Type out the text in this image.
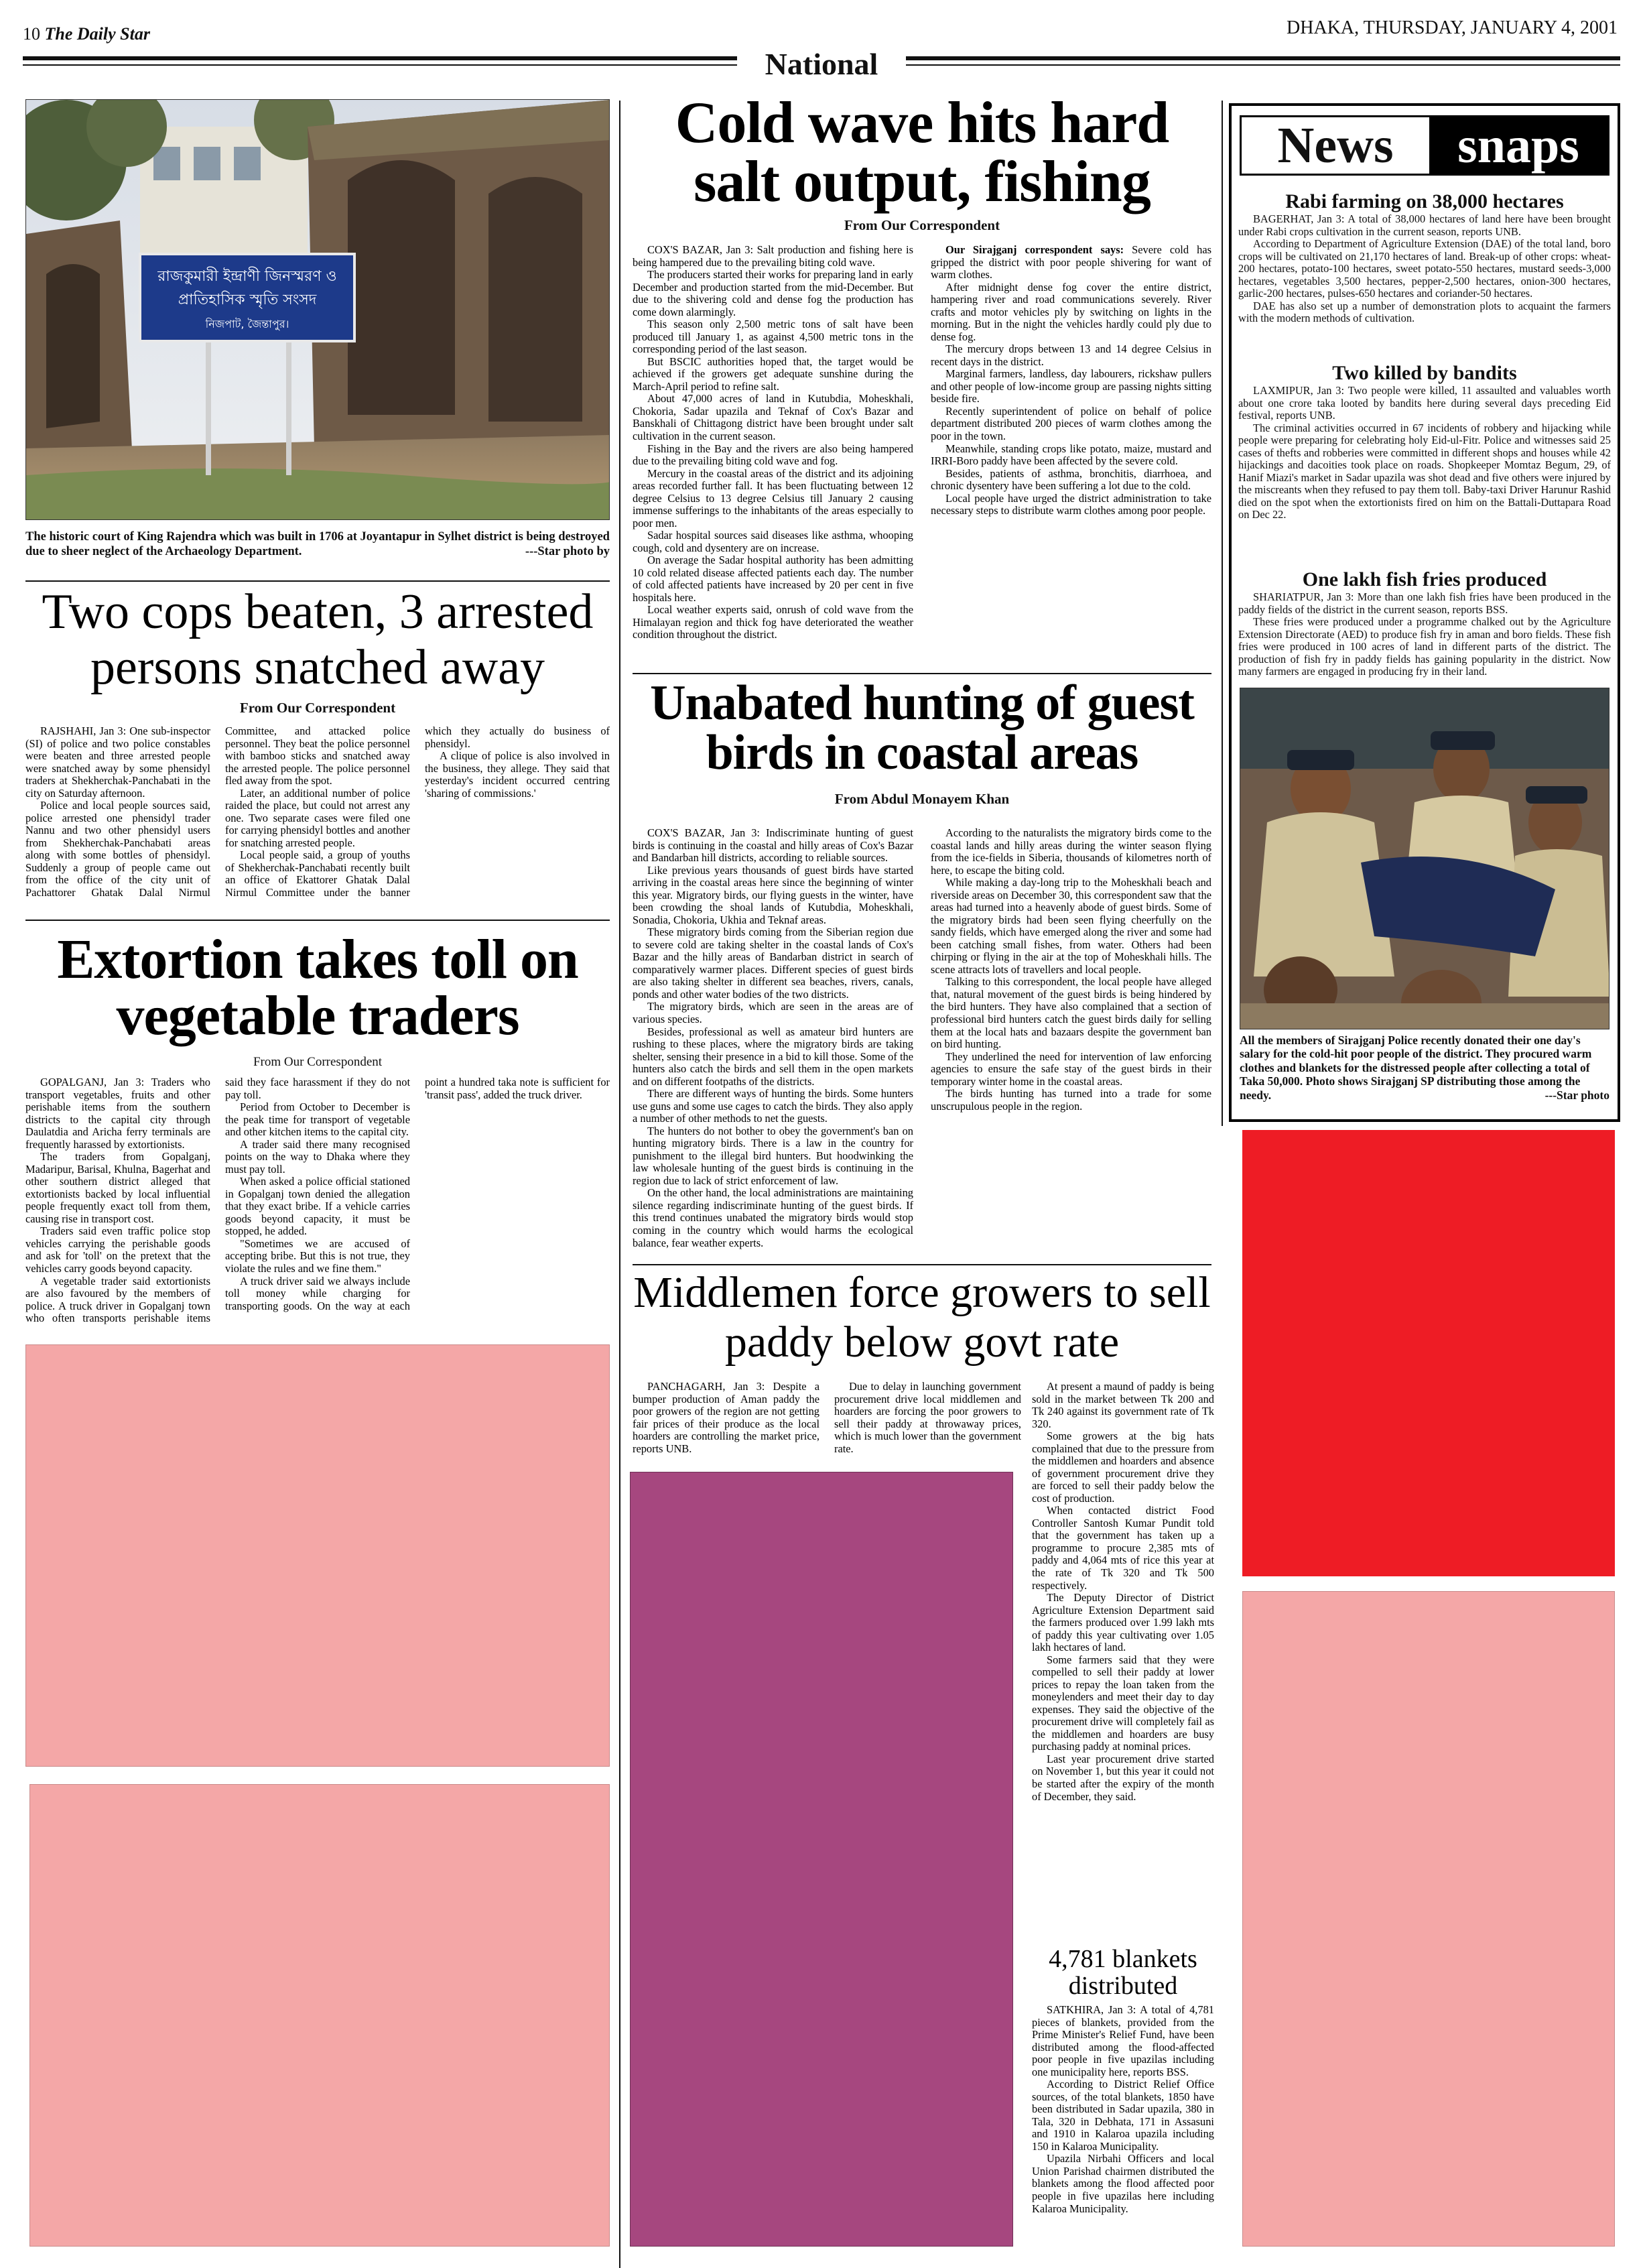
10 The Daily Star	DHAKA, THURSDAY, JANUARY 4, 2001
National
রাজকুমারী ইন্দ্রাণী জিনস্মরণ ও
প্রাতিহাসিক স্মৃতি সংসদ
নিজপাট, জৈন্তাপুর।
The historic court of King Rajendra which was built in 1706 at Joyantapur in Sylhet district is being destroyed due to sheer neglect of the Archaeology Department.	---Star photo by
Two cops beaten, 3 arrested persons snatched away
From Our Correspondent

RAJSHAHI, Jan 3: One sub-inspector (SI) of police and two police constables were beaten and three arrested people were snatched away by some phensidyl traders at Shekherchak-Panchabati in the city on Saturday afternoon.

Police and local people sources said, police arrested one phensidyl trader Nannu and two other phensidyl users from Shekherchak-Panchabati areas along with some bottles of phensidyl. Suddenly a group of people came out from the office of the city unit of Pachattorer Ghatak Dalal Nirmul Committee, and attacked police personnel. They beat the police personnel with bamboo sticks and snatched away the arrested people. The police personnel fled away from the spot.

Later, an additional number of police raided the place, but could not arrest any one. Two separate cases were filed one for carrying phensidyl bottles and another for snatching arrested people.

Local people said, a group of youths of Shekherchak-Panchabati recently built an office of Ekattorer Ghatak Dalal Nirmul Committee under the banner which they actually do business of phensidyl.

A clique of police is also involved in the business, they allege. They said that yesterday's incident occurred centring 'sharing of commissions.'

Extortion takes toll on vegetable traders
From Our Correspondent

GOPALGANJ, Jan 3: Traders who transport vegetables, fruits and other perishable items from the southern districts to the capital city through Daulatdia and Aricha ferry terminals are frequently harassed by extortionists.

The traders from Gopalganj, Madaripur, Barisal, Khulna, Bagerhat and other southern district alleged that extortionists backed by local influential people frequently exact toll from them, causing rise in transport cost.

Traders said even traffic police stop vehicles carrying the perishable goods and ask for 'toll' on the pretext that the vehicles carry goods beyond capacity.

A vegetable trader said extortionists are also favoured by the members of police. A truck driver in Gopalganj town who often transports perishable items said they face harassment if they do not pay toll.

Period from October to December is the peak time for transport of vegetable and other kitchen items to the capital city.

A trader said there many recognised points on the way to Dhaka where they must pay toll.

When asked a police official stationed in Gopalganj town denied the allegation that they exact bribe. If a vehicle carries goods beyond capacity, it must be stopped, he added.

"Sometimes we are accused of accepting bribe. But this is not true, they violate the rules and we fine them."

A truck driver said we always include toll money while charging for transporting goods. On the way at each point a hundred taka note is sufficient for 'transit pass', added the truck driver.

Cold wave hits hard salt output, fishing
From Our Correspondent

COX'S BAZAR, Jan 3: Salt production and fishing here is being hampered due to the prevailing biting cold wave.

The producers started their works for preparing land in early December and production started from the mid-December. But due to the shivering cold and dense fog the production has come down alarmingly.

This season only 2,500 metric tons of salt have been produced till January 1, as against 4,500 metric tons in the corresponding period of the last season.

But BSCIC authorities hoped that, the target would be achieved if the growers get adequate sunshine during the March-April period to refine salt.

About 47,000 acres of land in Kutubdia, Moheskhali, Chokoria, Sadar upazila and Teknaf of Cox's Bazar and Banskhali of Chittagong district have been brought under salt cultivation in the current season.

Fishing in the Bay and the rivers are also being hampered due to the prevailing biting cold wave and fog.

Mercury in the coastal areas of the district and its adjoining areas recorded further fall. It has been fluctuating between 12 degree Celsius to 13 degree Celsius till January 2 causing immense sufferings to the inhabitants of the areas especially to poor men.

Sadar hospital sources said diseases like asthma, whooping cough, cold and dysentery are on increase.

On average the Sadar hospital authority has been admitting 10 cold related disease affected patients each day. The number of cold affected patients have increased by 20 per cent in five hospitals here.

Local weather experts said, onrush of cold wave from the Himalayan region and thick fog have deteriorated the weather condition throughout the district.

Our Sirajganj correspondent says: Severe cold has gripped the district with poor people shivering for want of warm clothes.

After midnight dense fog cover the entire district, hampering river and road communications severely. River crafts and motor vehicles ply by switching on lights in the morning. But in the night the vehicles hardly could ply due to dense fog.

The mercury drops between 13 and 14 degree Celsius in recent days in the district.

Marginal farmers, landless, day labourers, rickshaw pullers and other people of low-income group are passing nights sitting beside fire.

Recently superintendent of police on behalf of police department distributed 200 pieces of warm clothes among the poor in the town.

Meanwhile, standing crops like potato, maize, mustard and IRRI-Boro paddy have been affected by the severe cold.

Besides, patients of asthma, bronchitis, diarrhoea, and chronic dysentery have been suffering a lot due to the cold.

Local people have urged the district administration to take necessary steps to distribute warm clothes among poor people.

Unabated hunting of guest birds in coastal areas
From Abdul Monayem Khan

COX'S BAZAR, Jan 3: Indiscriminate hunting of guest birds is continuing in the coastal and hilly areas of Cox's Bazar and Bandarban hill districts, according to reliable sources.

Like previous years thousands of guest birds have started arriving in the coastal areas here since the beginning of winter this year. Migratory birds, our flying guests in the winter, have been crowding the shoal lands of Kutubdia, Moheskhali, Sonadia, Chokoria, Ukhia and Teknaf areas.

These migratory birds coming from the Siberian region due to severe cold are taking shelter in the coastal lands of Cox's Bazar and the hilly areas of Bandarban district in search of comparatively warmer places. Different species of guest birds are also taking shelter in different sea beaches, rivers, canals, ponds and other water bodies of the two districts.

The migratory birds, which are seen in the areas are of various species.

Besides, professional as well as amateur bird hunters are rushing to these places, where the migratory birds are taking shelter, sensing their presence in a bid to kill those. Some of the hunters also catch the birds and sell them in the open markets and on different footpaths of the districts.

There are different ways of hunting the birds. Some hunters use guns and some use cages to catch the birds. They also apply a number of other methods to net the guests.

The hunters do not bother to obey the government's ban on hunting migratory birds. There is a law in the country for punishment to the illegal bird hunters. But hoodwinking the law wholesale hunting of the guest birds is continuing in the region due to lack of strict enforcement of law.

On the other hand, the local administrations are maintaining silence regarding indiscriminate hunting of the guest birds. If this trend continues unabated the migratory birds would stop coming in the country which would harms the ecological balance, fear weather experts.

According to the naturalists the migratory birds come to the coastal lands and hilly areas during the winter season flying from the ice-fields in Siberia, thousands of kilometres north of here, to escape the biting cold.

While making a day-long trip to the Moheskhali beach and riverside areas on December 30, this correspondent saw that the areas had turned into a heavenly abode of guest birds. Some of the migratory birds had been seen flying cheerfully on the sandy fields, which have emerged along the river and some had been catching small fishes, from water. Others had been chirping or flying in the air at the top of Moheskhali hills. The scene attracts lots of travellers and local people.

Talking to this correspondent, the local people have alleged that, natural movement of the guest birds is being hindered by the bird hunters. They have also complained that a section of professional bird hunters catch the guest birds daily for selling them at the local hats and bazaars despite the government ban on bird hunting.

They underlined the need for intervention of law enforcing agencies to ensure the safe stay of the guest birds in their temporary winter home in the coastal areas.

The birds hunting has turned into a trade for some unscrupulous people in the region.

Middlemen force growers to sell paddy below govt rate

PANCHAGARH, Jan 3: Despite a bumper production of Aman paddy the poor growers of the region are not getting fair prices of their produce as the local hoarders are controlling the market price, reports UNB.

Due to delay in launching government procurement drive local middlemen and hoarders are forcing the poor growers to sell their paddy at throwaway prices, which is much lower than the government rate.

At present a maund of paddy is being sold in the market between Tk 200 and Tk 240 against its government rate of Tk 320.

Some growers at the big hats complained that due to the pressure from the middlemen and hoarders and absence of government procurement drive they are forced to sell their paddy below the cost of production.

When contacted district Food Controller Santosh Kumar Pundit told that the government has taken up a programme to procure 2,385 mts of paddy and 4,064 mts of rice this year at the rate of Tk 320 and Tk 500 respectively.

The Deputy Director of District Agriculture Extension Department said the farmers produced over 1.99 lakh mts of paddy this year cultivating over 1.05 lakh hectares of land.

Some farmers said that they were compelled to sell their paddy at lower prices to repay the loan taken from the moneylenders and meet their day to day expenses. They said the objective of the procurement drive will completely fail as the middlemen and hoarders are busy purchasing paddy at nominal prices.

Last year procurement drive started on November 1, but this year it could not be started after the expiry of the month of December, they said.

4,781 blankets distributed

SATKHIRA, Jan 3: A total of 4,781 pieces of blankets, provided from the Prime Minister's Relief Fund, have been distributed among the flood-affected poor people in five upazilas including one municipality here, reports BSS.

According to District Relief Office sources, of the total blankets, 1850 have been distributed in Sadar upazila, 380 in Tala, 320 in Debhata, 171 in Assasuni and 1910 in Kalaroa upazila including 150 in Kalaroa Municipality.

Upazila Nirbahi Officers and local Union Parishad chairmen distributed the blankets among the flood affected poor people in five upazilas here including Kalaroa Municipality.

News	snaps
Rabi farming on 38,000 hectares

BAGERHAT, Jan 3: A total of 38,000 hectares of land here have been brought under Rabi crops cultivation in the current season, reports UNB.

According to Department of Agriculture Extension (DAE) of the total land, boro crops will be cultivated on 21,170 hectares of land. Break-up of other crops: wheat-200 hectares, potato-100 hectares, sweet potato-550 hectares, mustard seeds-3,000 hectares, vegetables 3,500 hectares, pepper-2,500 hectares, onion-300 hectares, garlic-200 hectares, pulses-650 hectares and coriander-50 hectares.

DAE has also set up a number of demonstration plots to acquaint the farmers with the modern methods of cultivation.

Two killed by bandits

LAXMIPUR, Jan 3: Two people were killed, 11 assaulted and valuables worth about one crore taka looted by bandits here during several days preceding Eid festival, reports UNB.

The criminal activities occurred in 67 incidents of robbery and hijacking while people were preparing for celebrating holy Eid-ul-Fitr. Police and witnesses said 25 cases of thefts and robberies were committed in different shops and houses while 42 hijackings and dacoities took place on roads. Shopkeeper Momtaz Begum, 29, of Hanif Miazi's market in Sadar upazila was shot dead and five others were injured by the miscreants when they refused to pay them toll. Baby-taxi Driver Harunur Rashid died on the spot when the extortionists fired on him on the Battali-Duttapara Road on Dec 22.

One lakh fish fries produced

SHARIATPUR, Jan 3: More than one lakh fish fries have been produced in the paddy fields of the district in the current season, reports BSS.

These fries were produced under a programme chalked out by the Agriculture Extension Directorate (AED) to produce fish fry in aman and boro fields. These fish fries were produced in 100 acres of land in different parts of the district. The production of fish fry in paddy fields has gaining popularity in the district. Now many farmers are engaged in producing fry in their land.

All the members of Sirajganj Police recently donated their one day's salary for the cold-hit poor people of the district. They procured warm clothes and blankets for the distressed people after collecting a total of Taka 50,000. Photo shows Sirajganj SP distributing those among the needy.	---Star photo
